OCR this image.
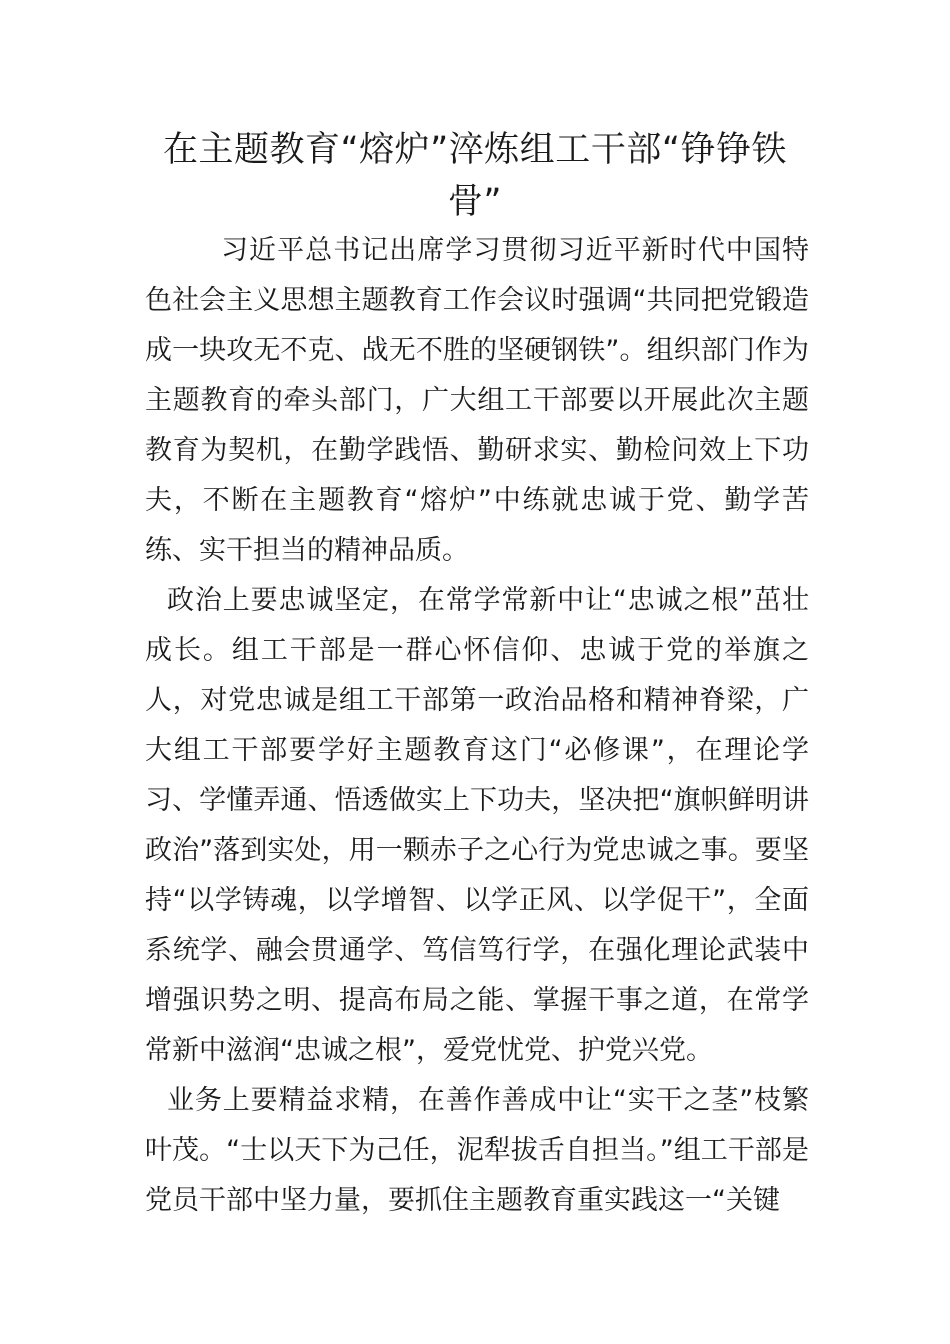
在主题教育“熔炉”淬炼组工干部“铮铮铁骨”

习近平总书记出席学习贯彻习近平新时代中国特色社会主义思想主题教育工作会议时强调“共同把党锻造成一块攻无不克、战无不胜的坚硬钢铁”。组织部门作为主题教育的牵头部门，广大组工干部要以开展此次主题教育为契机，在勤学践悟、勤研求实、勤检问效上下功夫，不断在主题教育“熔炉”中练就忠诚于党、勤学苦练、实干担当的精神品质。

政治上要忠诚坚定，在常学常新中让“忠诚之根”茁壮成长。组工干部是一群心怀信仰、忠诚于党的举旗之人，对党忠诚是组工干部第一政治品格和精神脊梁，广大组工干部要学好主题教育这门“必修课”，在理论学习、学懂弄通、悟透做实上下功夫，坚决把“旗帜鲜明讲政治”落到实处，用一颗赤子之心行为党忠诚之事。要坚持“以学铸魂，以学增智、以学正风、以学促干”，全面系统学、融会贯通学、笃信笃行学，在强化理论武装中增强识势之明、提高布局之能、掌握干事之道，在常学常新中滋润“忠诚之根”，爱党忧党、护党兴党。

业务上要精益求精，在善作善成中让“实干之茎”枝繁叶茂。“士以天下为己任，泥犁拔舌自担当。”组工干部是党员干部中坚力量，要抓住主题教育重实践这一“关键
